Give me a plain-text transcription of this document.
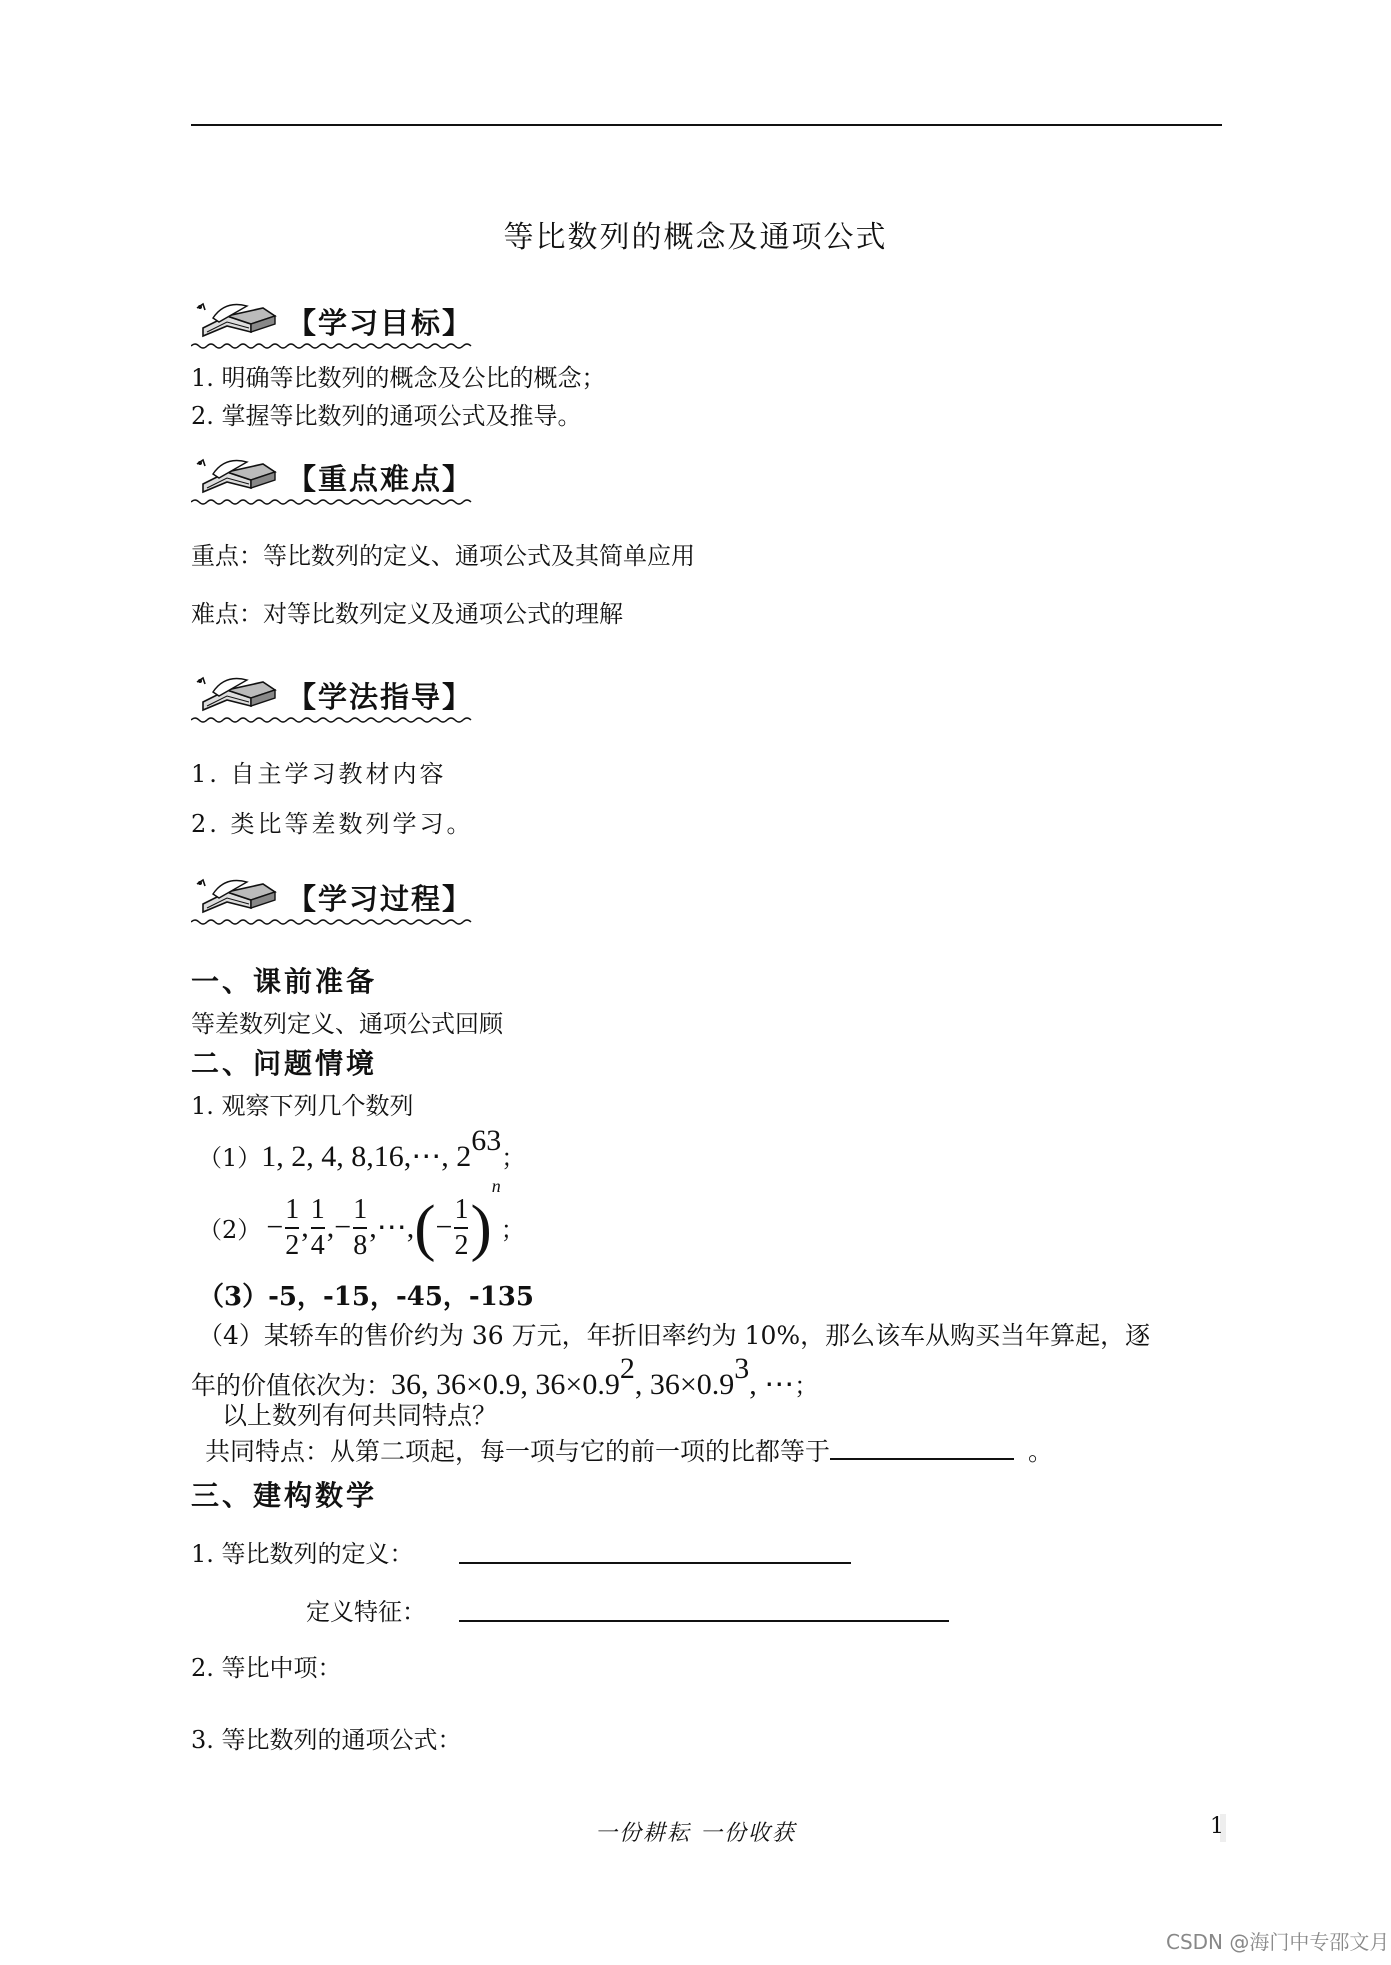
等比数列的概念及通项公式
【学习目标】
1. 明确等比数列的概念及公比的概念；
2. 掌握等比数列的通项公式及推导。
【重点难点】
重点：等比数列的定义、通项公式及其简单应用
难点：对等比数列定义及通项公式的理解
【学法指导】
1. 自主学习教材内容
2. 类比等差数列学习。
【学习过程】
一、课前准备
等差数列定义、通项公式回顾
二、问题情境
1. 观察下列几个数列
（1）1, 2, 4, 8,16,⋯, $2^{63}$；
$(2) - \frac{1}{2}$ , $\frac{1}{4}$ ,− $\frac{1}{8}$ ,⋯,(− $\frac{1}{2} )n$；
（3）-5，-15，-45，-135
（4）某轿车的售价约为 36 万元，年折旧率约为 10%，那么该车从购买当年算起，逐
年的价值依次为：36, 36×0.9, $36\times 0.9^2$, $36\times 0.9^3$, ⋯；
以上数列有何共同特点？
共同特点：从第二项起，每一项与它的前一项的比都等于	。
三、建构数学
1. 等比数列的定义：
定义特征：
2. 等比中项：
3. 等比数列的通项公式：
一份耕耘 一份收获	1
CSDN @海门中专邵文月
